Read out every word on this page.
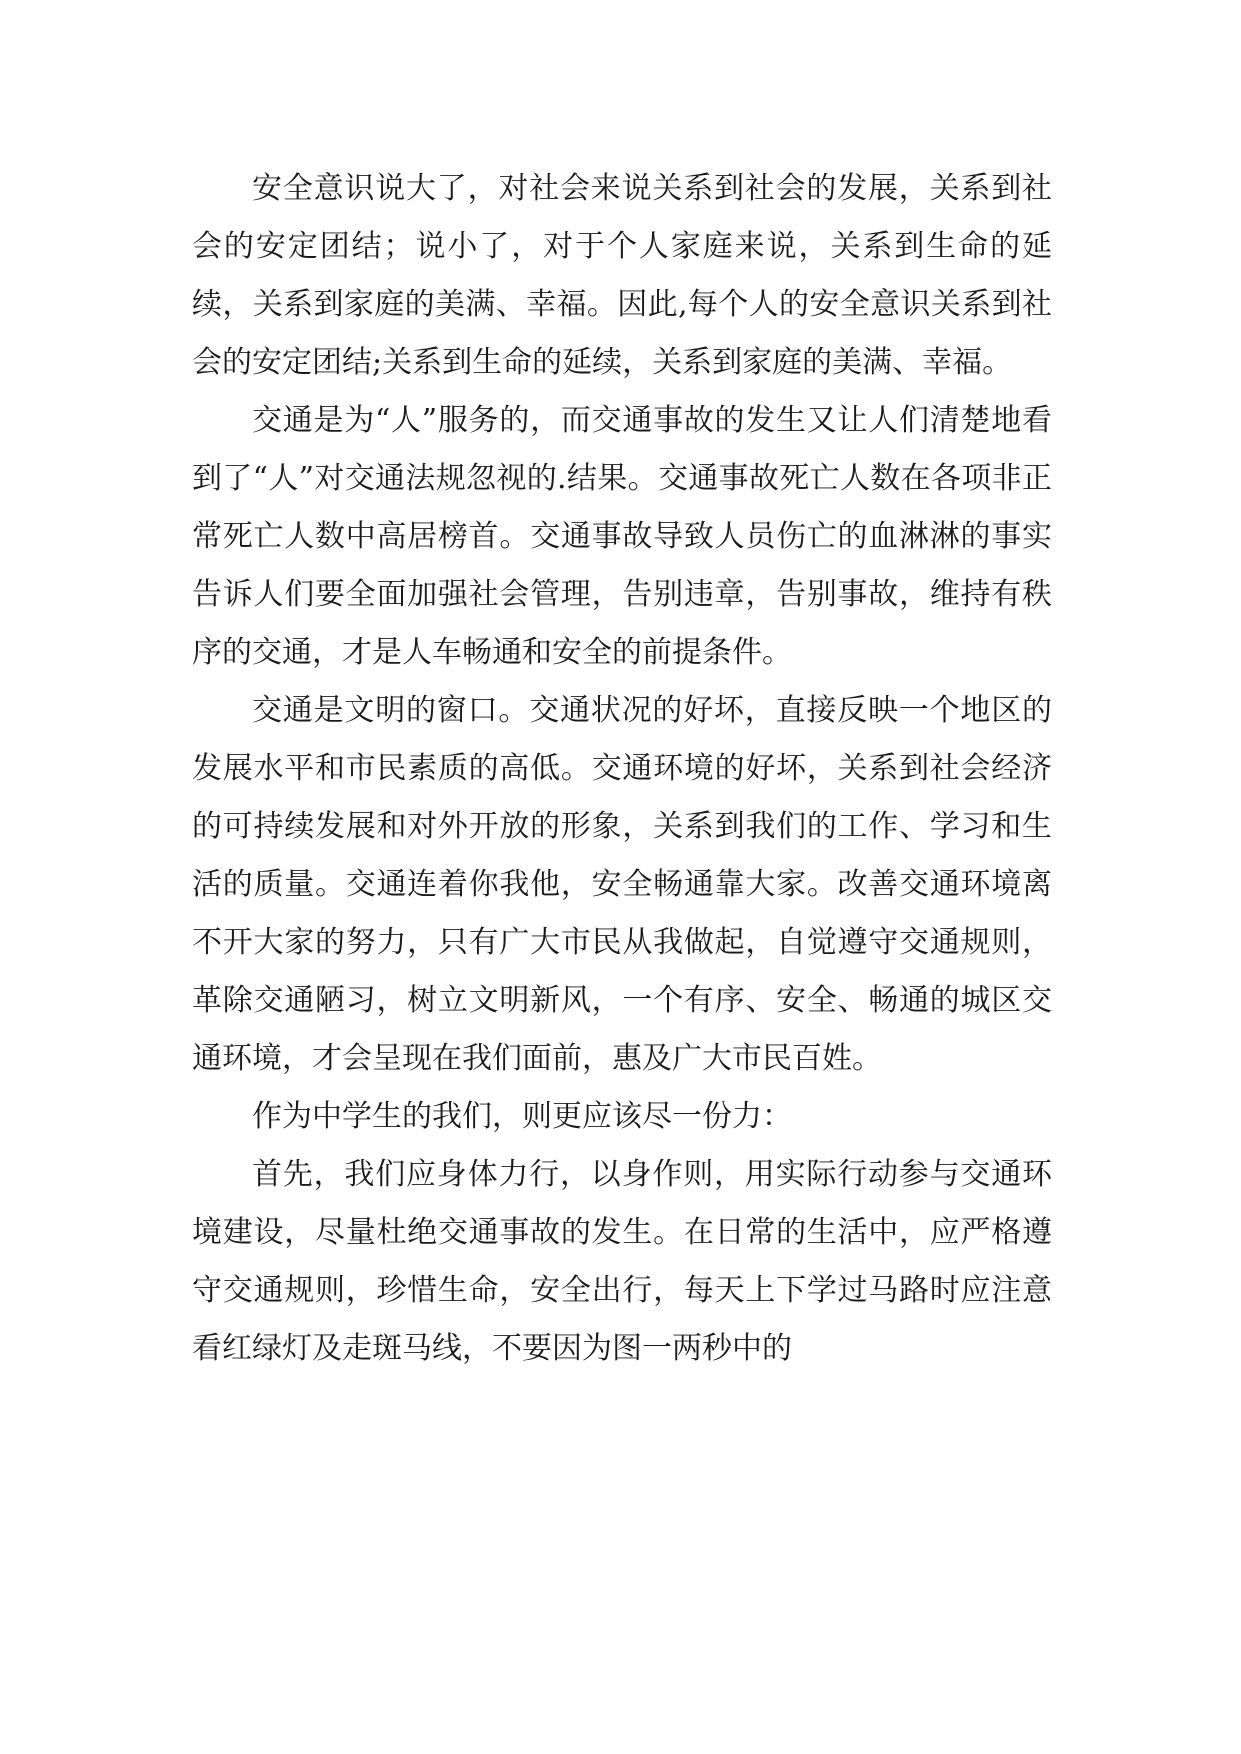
安全意识说大了，对社会来说关系到社会的发展，关系到社会的安定团结；说小了，对于个人家庭来说，关系到生命的延续，关系到家庭的美满、幸福。因此,每个人的安全意识关系到社会的安定团结;关系到生命的延续，关系到家庭的美满、幸福。

交通是为“人”服务的，而交通事故的发生又让人们清楚地看到了“人”对交通法规忽视的.结果。交通事故死亡人数在各项非正常死亡人数中高居榜首。交通事故导致人员伤亡的血淋淋的事实告诉人们要全面加强社会管理，告别违章，告别事故，维持有秩序的交通，才是人车畅通和安全的前提条件。

交通是文明的窗口。交通状况的好坏，直接反映一个地区的发展水平和市民素质的高低。交通环境的好坏，关系到社会经济的可持续发展和对外开放的形象，关系到我们的工作、学习和生活的质量。交通连着你我他，安全畅通靠大家。改善交通环境离不开大家的努力，只有广大市民从我做起，自觉遵守交通规则，革除交通陋习，树立文明新风，一个有序、安全、畅通的城区交通环境，才会呈现在我们面前，惠及广大市民百姓。

作为中学生的我们，则更应该尽一份力：

首先，我们应身体力行，以身作则，用实际行动参与交通环境建设，尽量杜绝交通事故的发生。在日常的生活中，应严格遵守交通规则，珍惜生命，安全出行，每天上下学过马路时应注意看红绿灯及走斑马线，不要因为图一两秒中的
